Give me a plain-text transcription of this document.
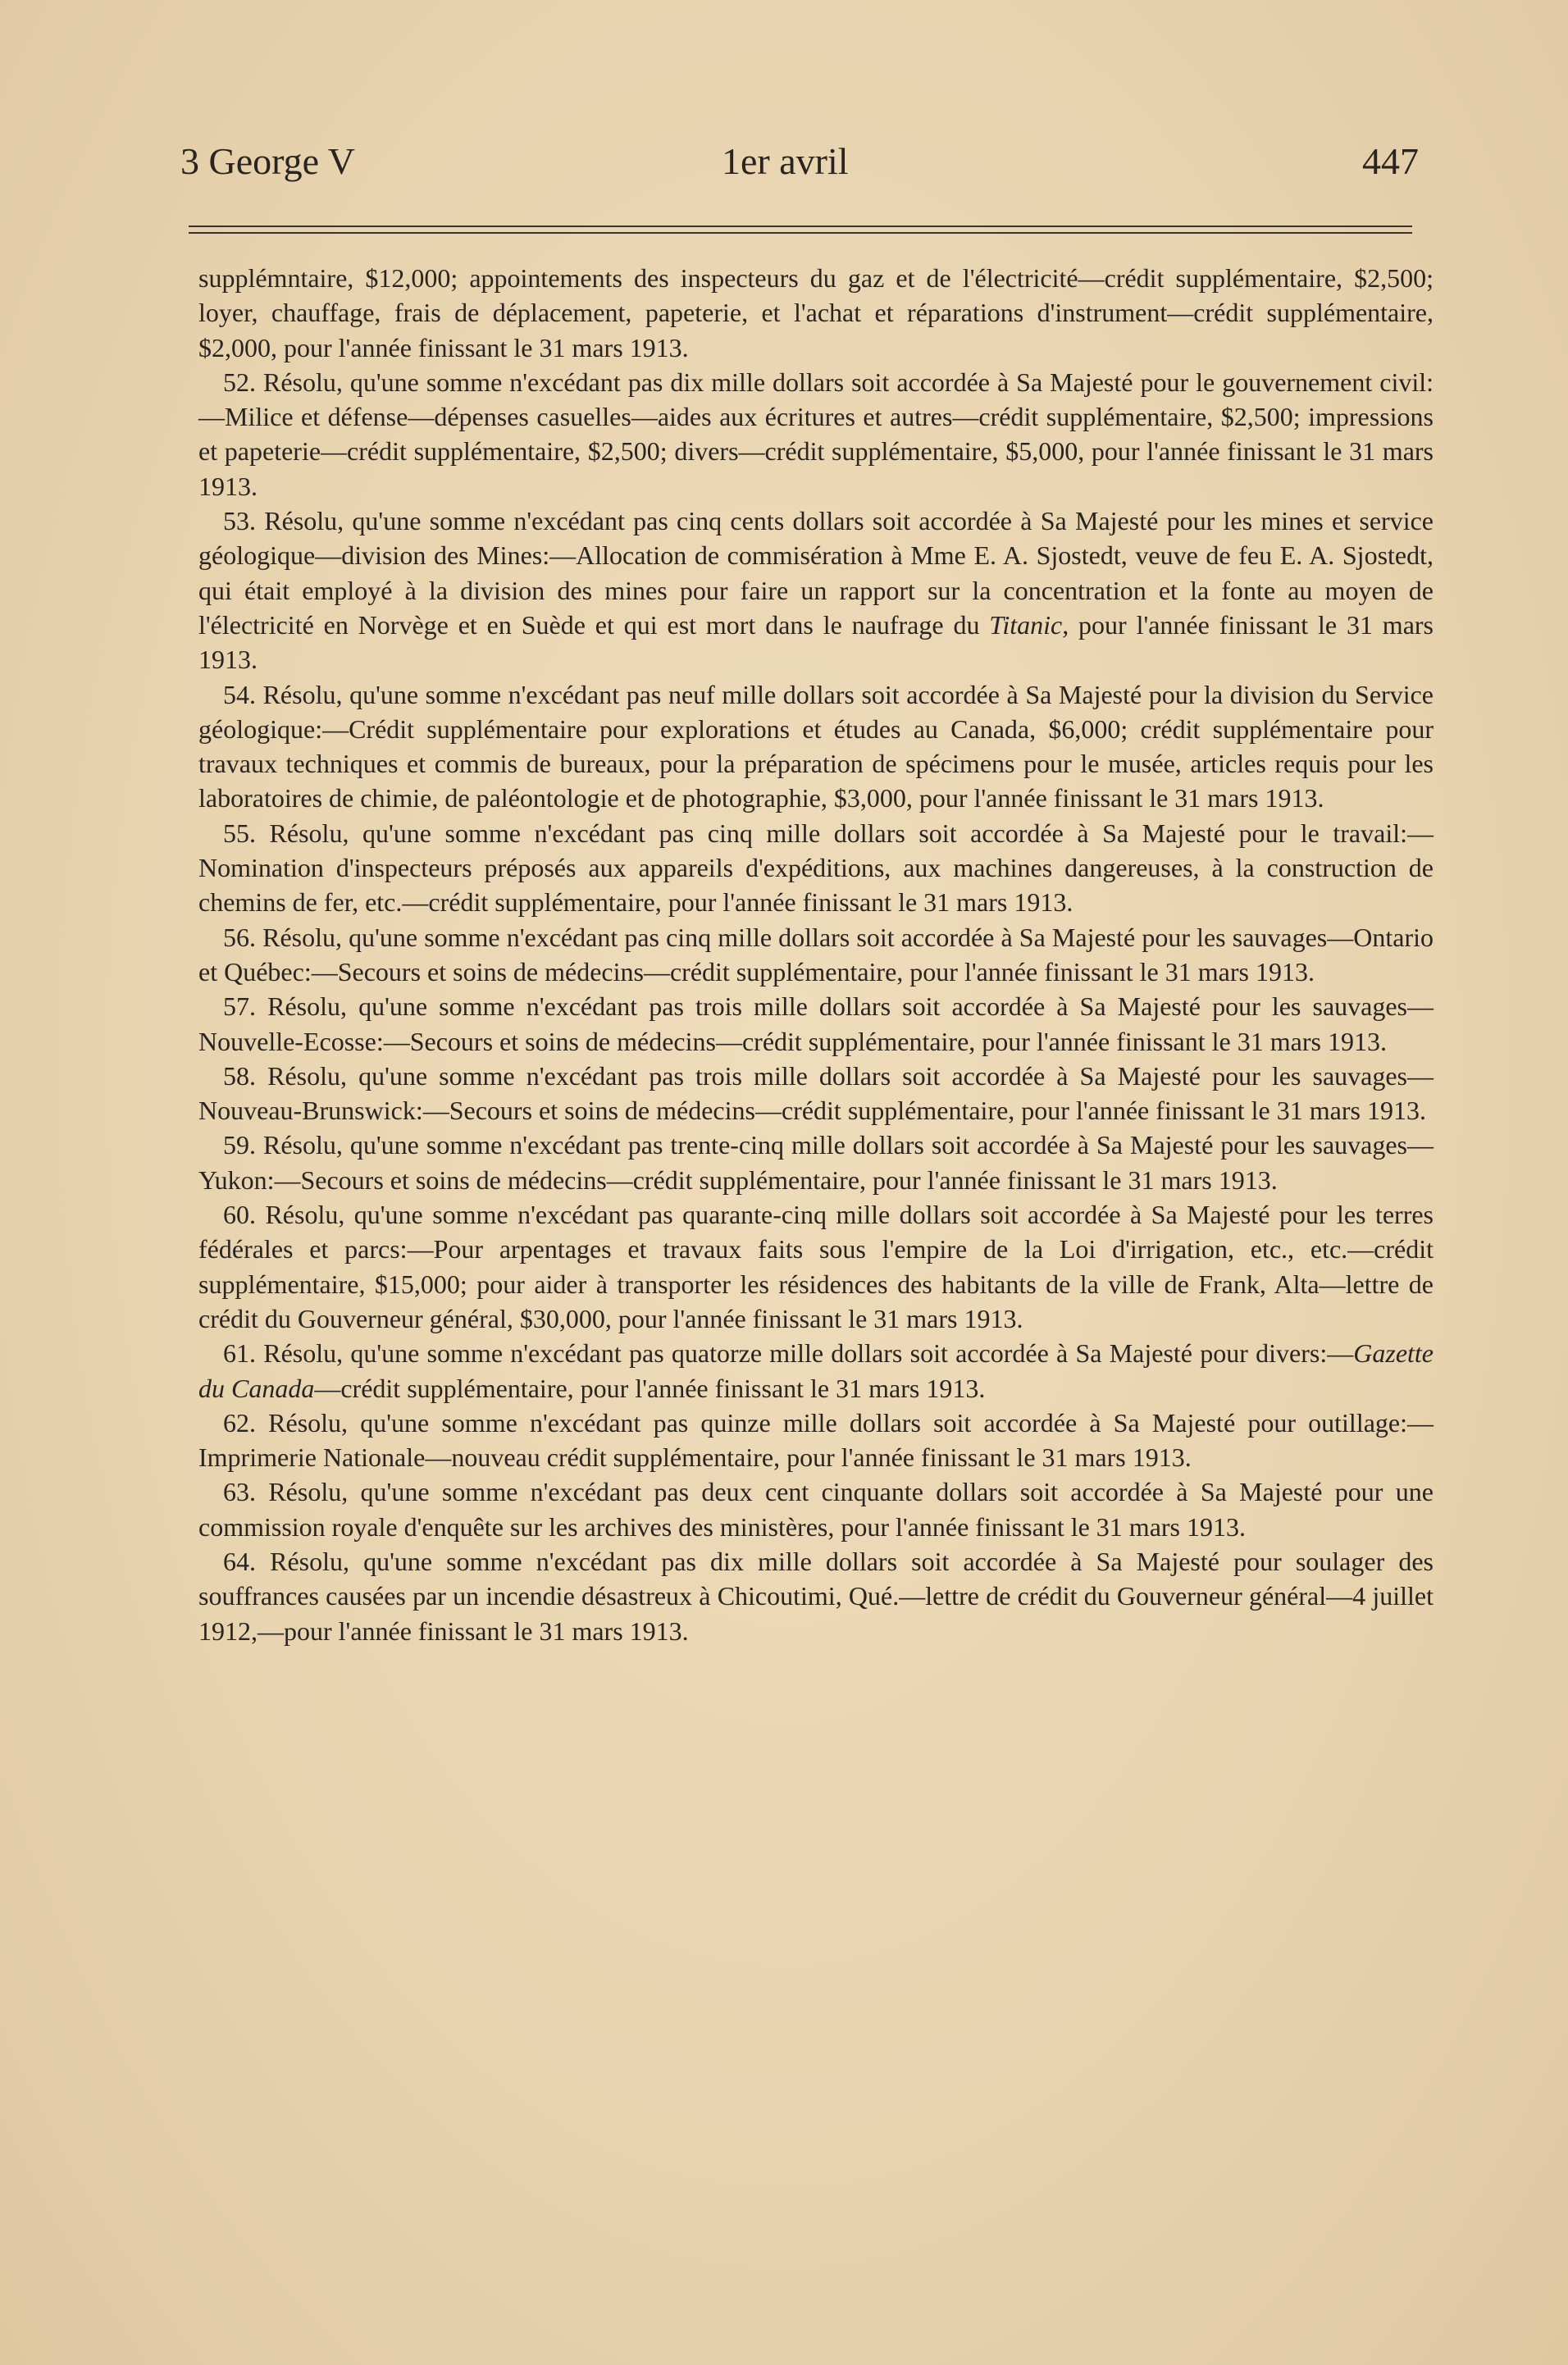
3 George V	1er avril	447

supplémntaire, $12,000; appointements des inspecteurs du gaz et de l'électricité—crédit supplémentaire, $2,500; loyer, chauffage, frais de déplacement, papeterie, et l'achat et réparations d'instrument—crédit supplémentaire, $2,000, pour l'année finissant le 31 mars 1913.

52. Résolu, qu'une somme n'excédant pas dix mille dollars soit accordée à Sa Majesté pour le gouvernement civil:—Milice et défense—dépenses casuelles—aides aux écritures et autres—crédit supplémentaire, $2,500; impressions et papeterie—crédit supplémentaire, $2,500; divers—crédit supplémentaire, $5,000, pour l'année finissant le 31 mars 1913.

53. Résolu, qu'une somme n'excédant pas cinq cents dollars soit accordée à Sa Majesté pour les mines et service géologique—division des Mines:—Allocation de commisération à Mme E. A. Sjostedt, veuve de feu E. A. Sjostedt, qui était employé à la division des mines pour faire un rapport sur la concentration et la fonte au moyen de l'électricité en Norvège et en Suède et qui est mort dans le naufrage du Titanic, pour l'année finissant le 31 mars 1913.

54. Résolu, qu'une somme n'excédant pas neuf mille dollars soit accordée à Sa Majesté pour la division du Service géologique:—Crédit supplémentaire pour explorations et études au Canada, $6,000; crédit supplémentaire pour travaux techniques et commis de bureaux, pour la préparation de spécimens pour le musée, articles requis pour les laboratoires de chimie, de paléontologie et de photographie, $3,000, pour l'année finissant le 31 mars 1913.

55. Résolu, qu'une somme n'excédant pas cinq mille dollars soit accordée à Sa Majesté pour le travail:—Nomination d'inspecteurs préposés aux appareils d'expéditions, aux machines dangereuses, à la construction de chemins de fer, etc.—crédit supplémentaire, pour l'année finissant le 31 mars 1913.

56. Résolu, qu'une somme n'excédant pas cinq mille dollars soit accordée à Sa Majesté pour les sauvages—Ontario et Québec:—Secours et soins de médecins—crédit supplémentaire, pour l'année finissant le 31 mars 1913.

57. Résolu, qu'une somme n'excédant pas trois mille dollars soit accordée à Sa Majesté pour les sauvages—Nouvelle-Ecosse:—Secours et soins de médecins—crédit supplémentaire, pour l'année finissant le 31 mars 1913.

58. Résolu, qu'une somme n'excédant pas trois mille dollars soit accordée à Sa Majesté pour les sauvages—Nouveau-Brunswick:—Secours et soins de médecins—crédit supplémentaire, pour l'année finissant le 31 mars 1913.

59. Résolu, qu'une somme n'excédant pas trente-cinq mille dollars soit accordée à Sa Majesté pour les sauvages—Yukon:—Secours et soins de médecins—crédit supplémentaire, pour l'année finissant le 31 mars 1913.

60. Résolu, qu'une somme n'excédant pas quarante-cinq mille dollars soit accordée à Sa Majesté pour les terres fédérales et parcs:—Pour arpentages et travaux faits sous l'empire de la Loi d'irrigation, etc., etc.—crédit supplémentaire, $15,000; pour aider à transporter les résidences des habitants de la ville de Frank, Alta—lettre de crédit du Gouverneur général, $30,000, pour l'année finissant le 31 mars 1913.

61. Résolu, qu'une somme n'excédant pas quatorze mille dollars soit accordée à Sa Majesté pour divers:—Gazette du Canada—crédit supplémentaire, pour l'année finissant le 31 mars 1913.

62. Résolu, qu'une somme n'excédant pas quinze mille dollars soit accordée à Sa Majesté pour outillage:—Imprimerie Nationale—nouveau crédit supplémentaire, pour l'année finissant le 31 mars 1913.

63. Résolu, qu'une somme n'excédant pas deux cent cinquante dollars soit accordée à Sa Majesté pour une commission royale d'enquête sur les archives des ministères, pour l'année finissant le 31 mars 1913.

64. Résolu, qu'une somme n'excédant pas dix mille dollars soit accordée à Sa Majesté pour soulager des souffrances causées par un incendie désastreux à Chicoutimi, Qué.—lettre de crédit du Gouverneur général—4 juillet 1912,—pour l'année finissant le 31 mars 1913.
